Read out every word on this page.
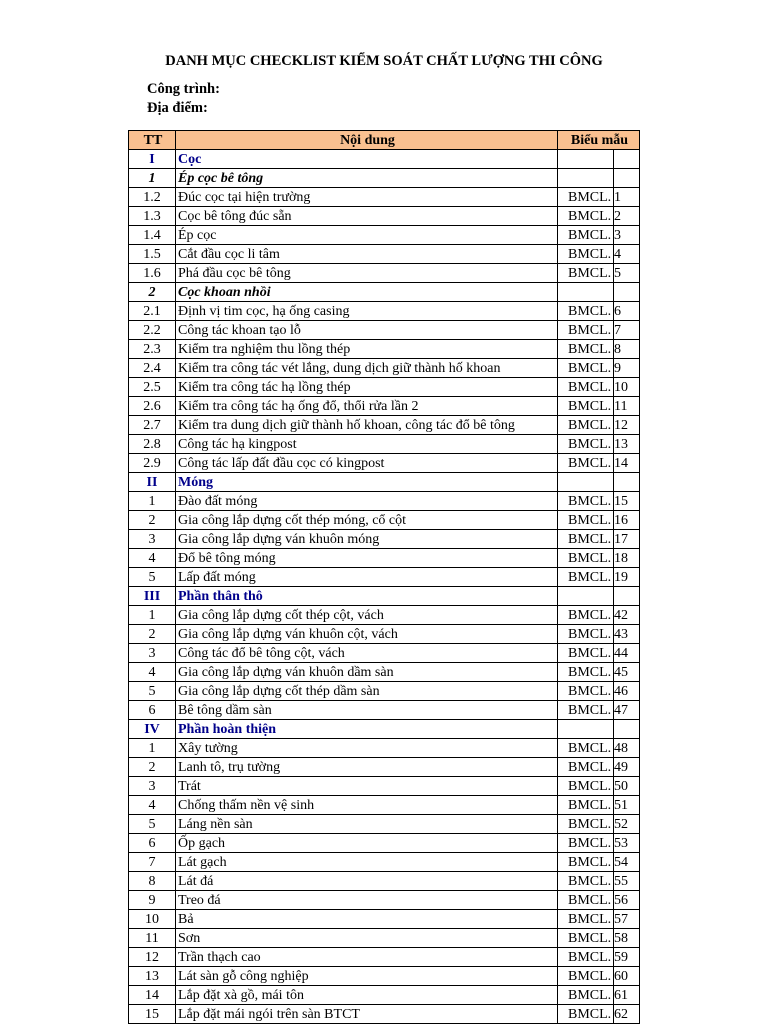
DANH MỤC CHECKLIST KIỂM SOÁT CHẤT LƯỢNG THI CÔNG
Công trình:
Địa điểm:
TT	Nội dung	Biểu mẫu	
I	Cọc		
1	Ép cọc bê tông		
1.2	Đúc cọc tại hiện trường	BMCL.	1
1.3	Cọc bê tông đúc sẵn	BMCL.	2
1.4	Ép cọc	BMCL.	3
1.5	Cắt đầu cọc li tâm	BMCL.	4
1.6	Phá đầu cọc bê tông	BMCL.	5
2	Cọc khoan nhồi		
2.1	Định vị tim cọc, hạ ống casing	BMCL.	6
2.2	Công tác khoan tạo lỗ	BMCL.	7
2.3	Kiểm tra nghiệm thu lồng thép	BMCL.	8
2.4	Kiểm tra công tác vét lắng, dung dịch giữ thành hố khoan	BMCL.	9
2.5	Kiểm tra công tác hạ lồng thép	BMCL.	10
2.6	Kiểm tra công tác hạ ống đổ, thổi rửa lần 2	BMCL.	11
2.7	Kiểm tra dung dịch giữ thành hố khoan, công tác đổ bê tông	BMCL.	12
2.8	Công tác hạ kingpost	BMCL.	13
2.9	Công tác lấp đất đầu cọc có kingpost	BMCL.	14
II	Móng		
1	Đào đất móng	BMCL.	15
2	Gia công lắp dựng cốt thép móng, cổ cột	BMCL.	16
3	Gia công lắp dựng ván khuôn móng	BMCL.	17
4	Đổ bê tông móng	BMCL.	18
5	Lấp đất móng	BMCL.	19
III	Phần thân thô		
1	Gia công lắp dựng cốt thép cột, vách	BMCL.	42
2	Gia công lắp dựng ván khuôn cột, vách	BMCL.	43
3	Công tác đổ bê tông cột, vách	BMCL.	44
4	Gia công lắp dựng ván khuôn dầm sàn	BMCL.	45
5	Gia công lắp dựng cốt thép dầm sàn	BMCL.	46
6	Bê tông dầm sàn	BMCL.	47
IV	Phần hoàn thiện		
1	Xây tường	BMCL.	48
2	Lanh tô, trụ tường	BMCL.	49
3	Trát	BMCL.	50
4	Chống thấm nền vệ sinh	BMCL.	51
5	Láng nền sàn	BMCL.	52
6	Ốp gạch	BMCL.	53
7	Lát gạch	BMCL.	54
8	Lát đá	BMCL.	55
9	Treo đá	BMCL.	56
10	Bả	BMCL.	57
11	Sơn	BMCL.	58
12	Trần thạch cao	BMCL.	59
13	Lát sàn gỗ công nghiệp	BMCL.	60
14	Lắp đặt xà gồ, mái tôn	BMCL.	61
15	Lắp đặt mái ngói trên sàn BTCT	BMCL.	62
